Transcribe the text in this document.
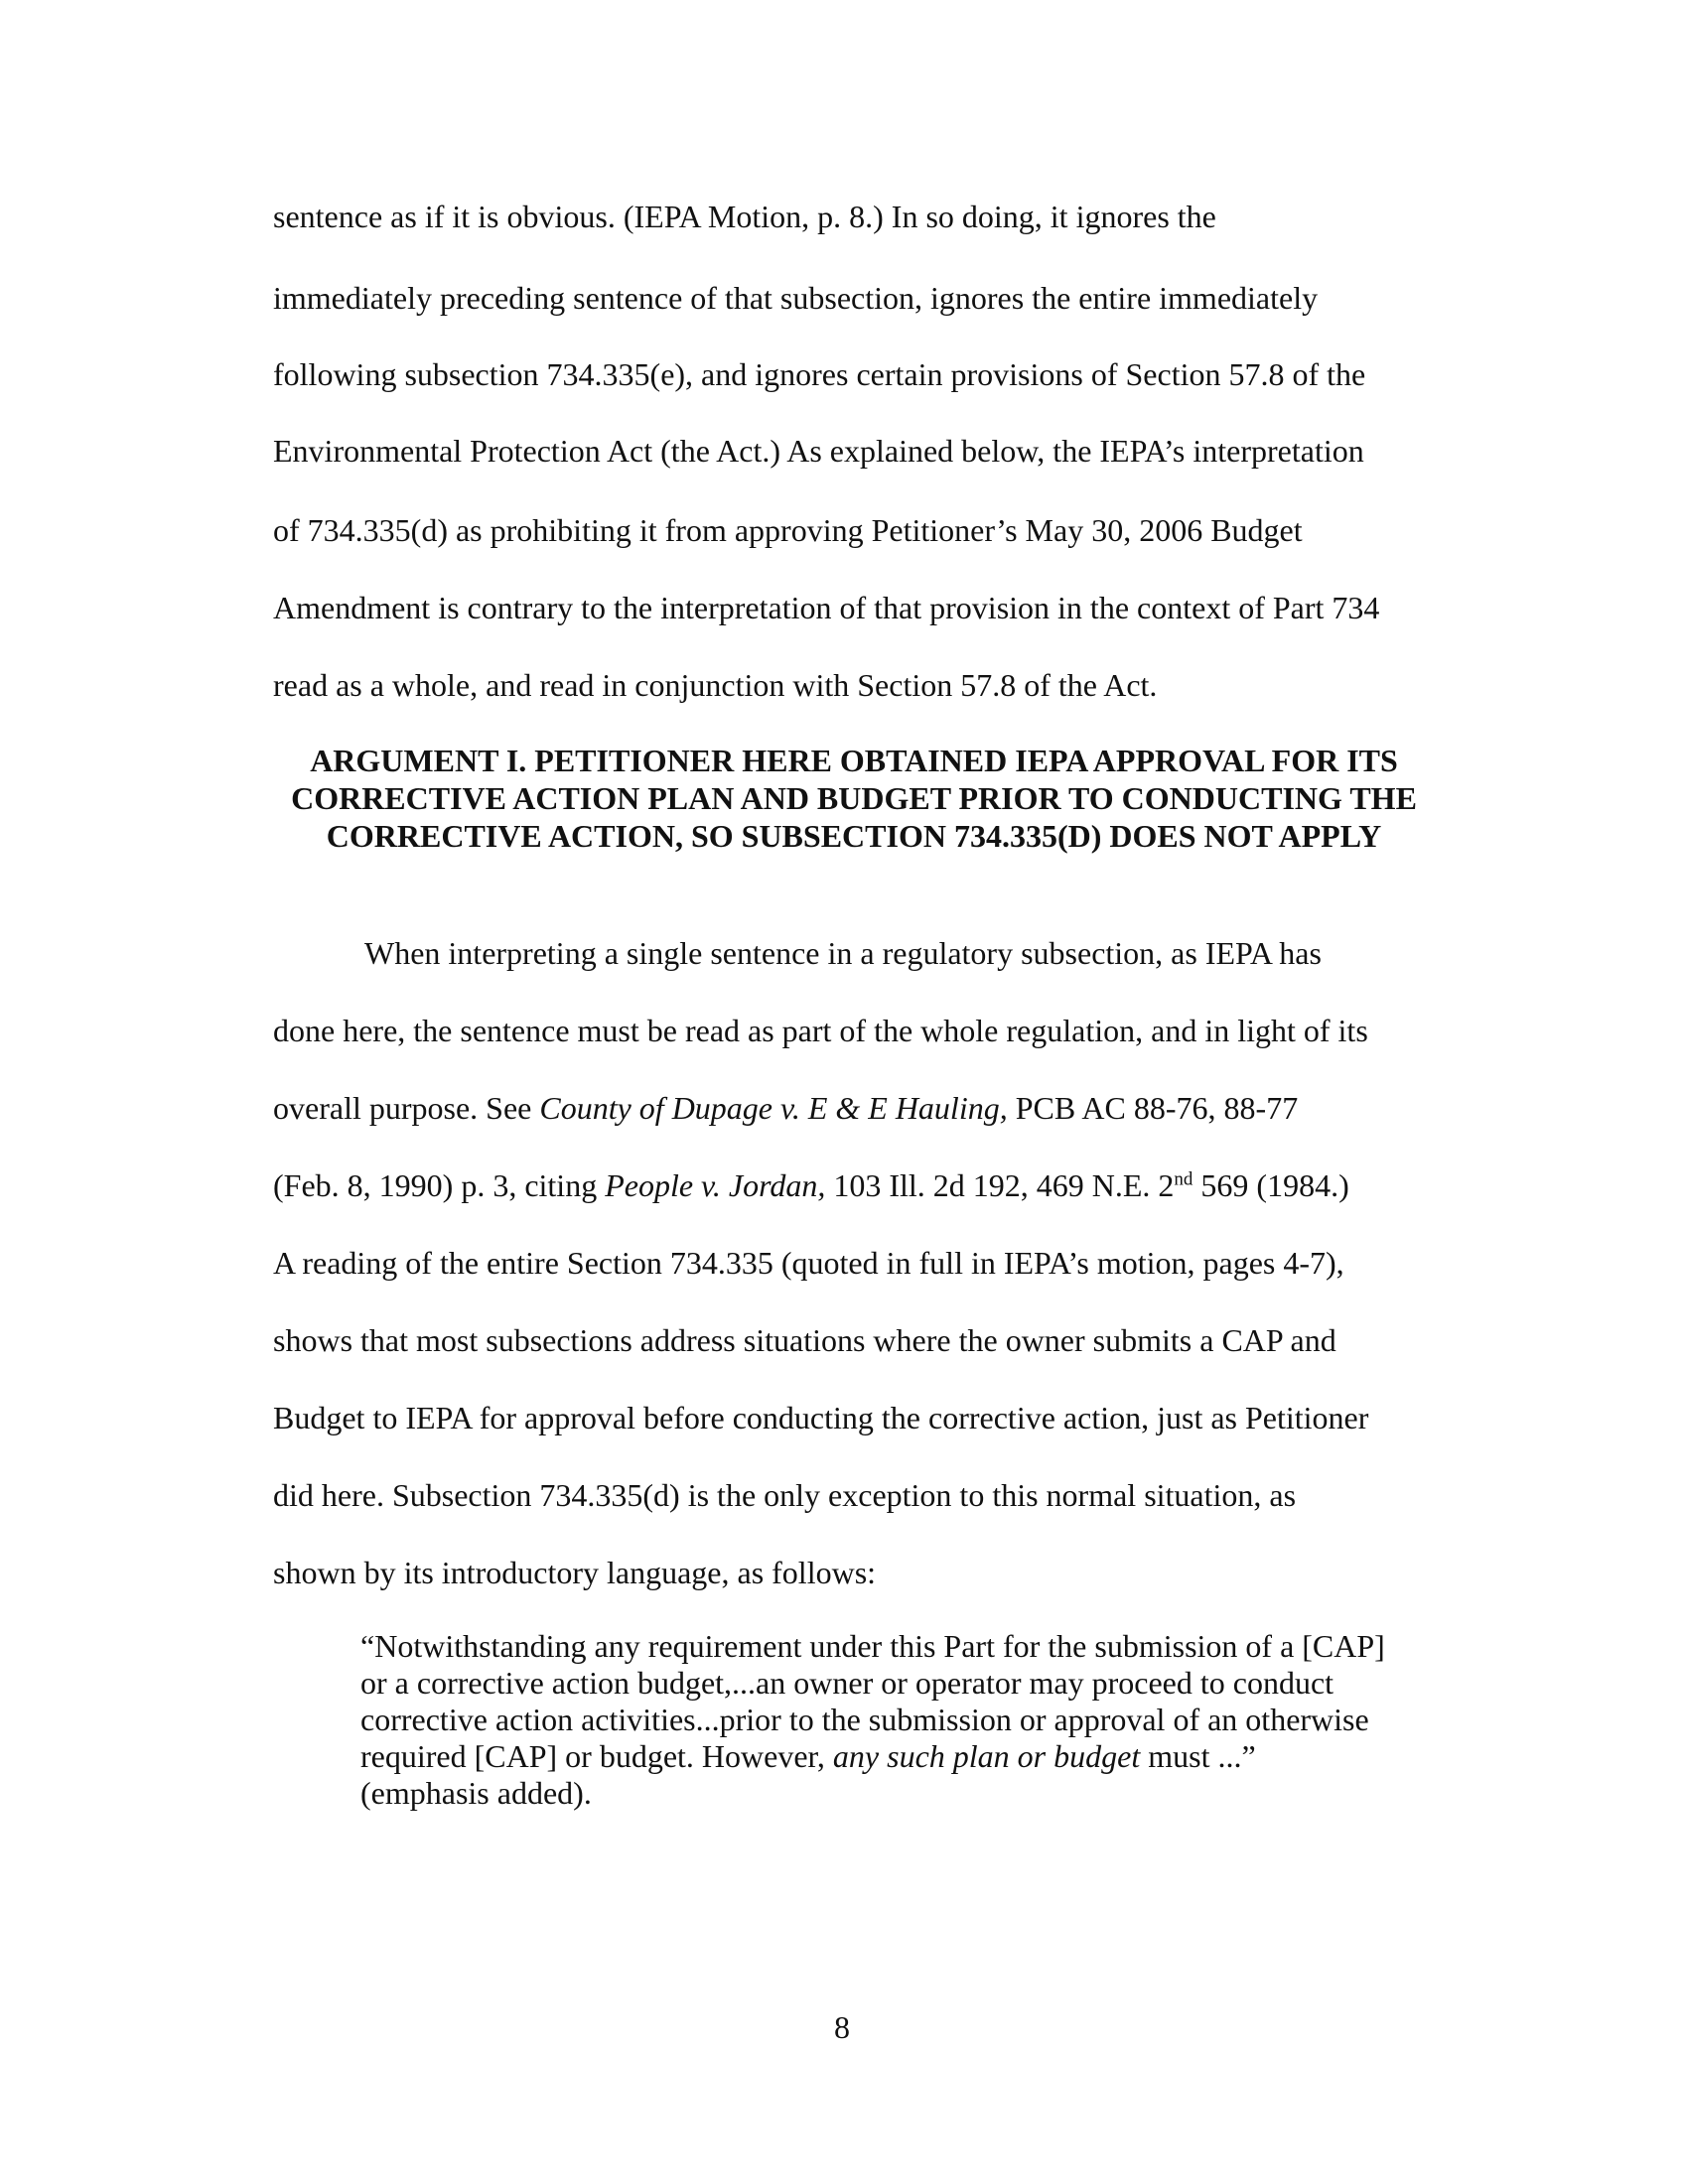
sentence as if it is obvious. (IEPA Motion, p. 8.) In so doing, it ignores the
immediately preceding sentence of that subsection, ignores the entire immediately
following subsection 734.335(e), and ignores certain provisions of Section 57.8 of the
Environmental Protection Act (the Act.) As explained below, the IEPA’s interpretation
of 734.335(d) as prohibiting it from approving Petitioner’s May 30, 2006 Budget
Amendment is contrary to the interpretation of that provision in the context of Part 734
read as a whole, and read in conjunction with Section 57.8 of the Act.
ARGUMENT I. PETITIONER HERE OBTAINED IEPA APPROVAL FOR ITS
CORRECTIVE ACTION PLAN AND BUDGET PRIOR TO CONDUCTING THE
CORRECTIVE ACTION, SO SUBSECTION 734.335(D) DOES NOT APPLY
When interpreting a single sentence in a regulatory subsection, as IEPA has
done here, the sentence must be read as part of the whole regulation, and in light of its
overall purpose. See County of Dupage v. E & E Hauling, PCB AC 88-76, 88-77
(Feb. 8, 1990) p. 3, citing People v. Jordan, 103 Ill. 2d 192, 469 N.E. 2nd 569 (1984.)
A reading of the entire Section 734.335 (quoted in full in IEPA’s motion, pages 4-7),
shows that most subsections address situations where the owner submits a CAP and
Budget to IEPA for approval before conducting the corrective action, just as Petitioner
did here. Subsection 734.335(d) is the only exception to this normal situation, as
shown by its introductory language, as follows:
“Notwithstanding any requirement under this Part for the submission of a [CAP]
or a corrective action budget,...an owner or operator may proceed to conduct
corrective action activities...prior to the submission or approval of an otherwise
required [CAP] or budget. However, any such plan or budget must ...”
(emphasis added).
8
